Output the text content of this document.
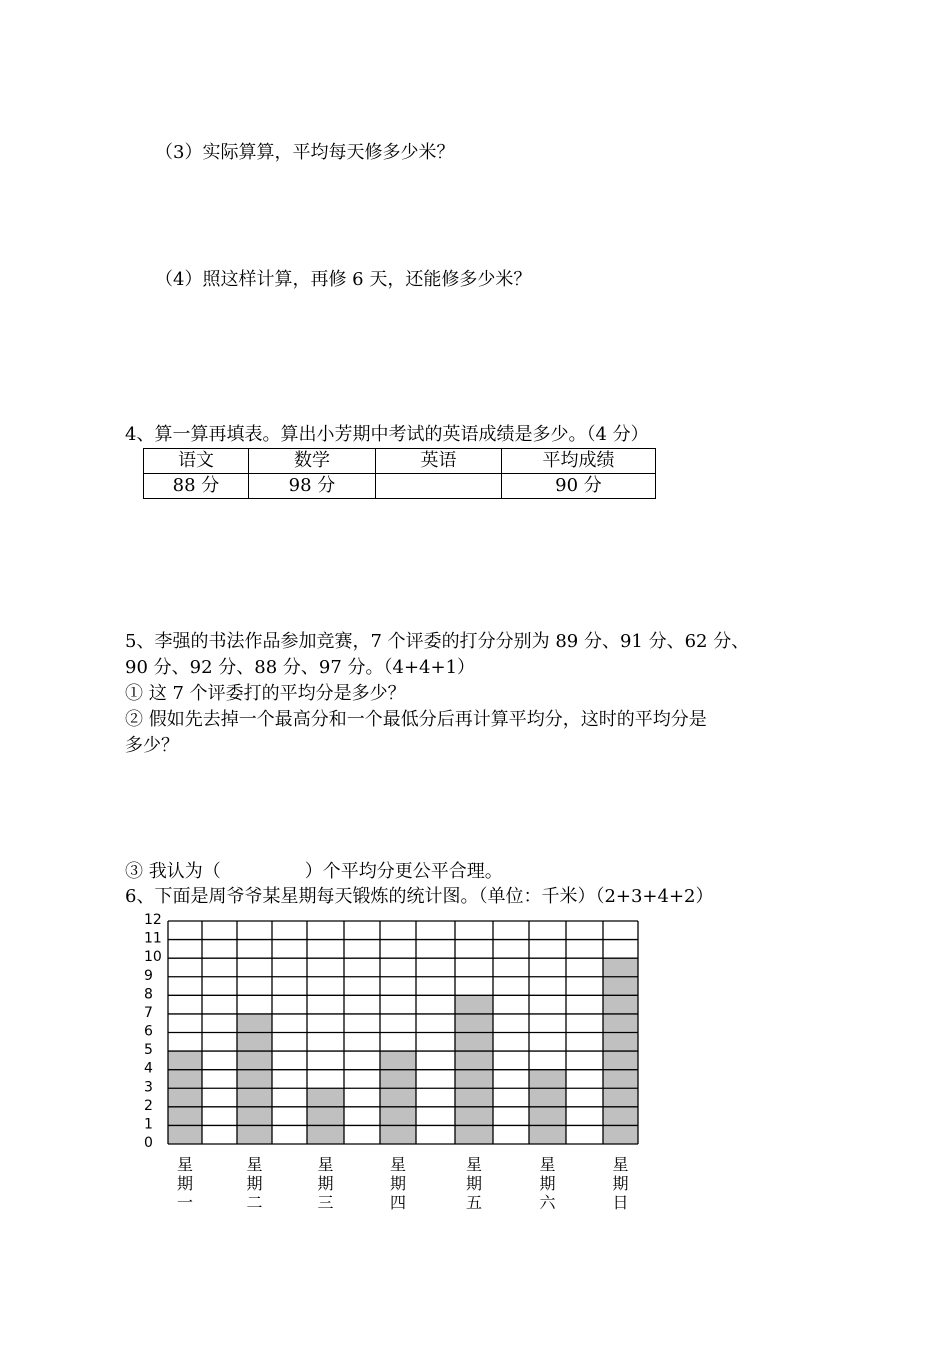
（3）实际算算，平均每天修多少米？
（4）照这样计算，再修 6 天，还能修多少米？
4、算一算再填表。算出小芳期中考试的英语成绩是多少。（4 分）
语文	数学	英语	平均成绩
88 分	98 分		90 分
5、李强的书法作品参加竞赛，7 个评委的打分分别为 89 分、91 分、62 分、
90 分、92 分、88 分、97 分。（4+4+1）
① 这 7 个评委打的平均分是多少？
② 假如先去掉一个最高分和一个最低分后再计算平均分，这时的平均分是
多少？
③ 我认为（	）个平均分更公平合理。
6、下面是周爷爷某星期每天锻炼的统计图。（单位：千米）（2+3+4+2）
0
1
2
3
4
5
6
7
8
9
10
11
12
星
期
一
星
期
二
星
期
三
星
期
四
星
期
五
星
期
六
星
期
日
